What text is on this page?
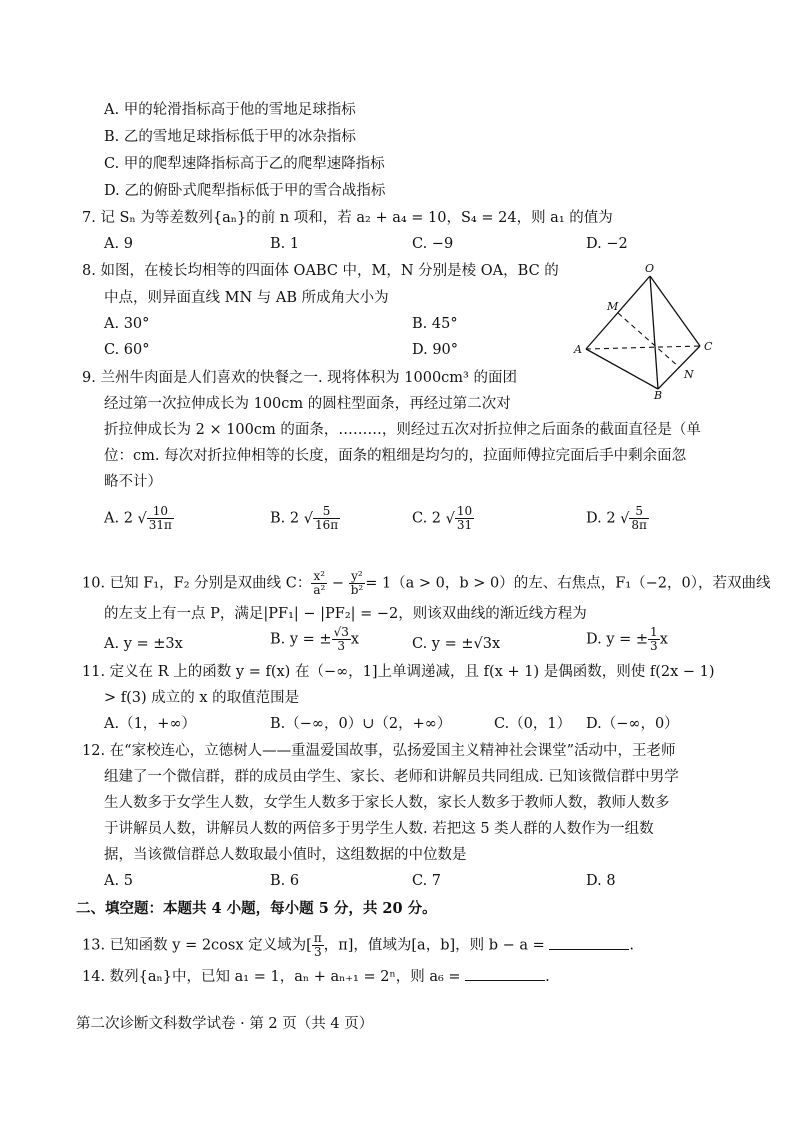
A. 甲的轮滑指标高于他的雪地足球指标
B. 乙的雪地足球指标低于甲的冰杂指标
C. 甲的爬犁速降指标高于乙的爬犁速降指标
D. 乙的俯卧式爬犁指标低于甲的雪合战指标
7. 记 Sₙ 为等差数列{aₙ}的前 n 项和，若 a₂ + a₄ = 10，S₄ = 24，则 a₁ 的值为
A. 9	B. 1	C. −9	D. −2
8. 如图，在棱长均相等的四面体 OABC 中，M，N 分别是棱 OA，BC 的
中点，则异面直线 MN 与 AB 所成角大小为
A. 30°	B. 45°
C. 60°	D. 90°
O
M
A	C
N
B
9. 兰州牛肉面是人们喜欢的快餐之一. 现将体积为 1000cm³ 的面团
经过第一次拉伸成长为 100cm 的圆柱型面条，再经过第二次对
折拉伸成长为 2 × 100cm 的面条，………，则经过五次对折拉伸之后面条的截面直径是（单
位：cm. 每次对折拉伸相等的长度，面条的粗细是均匀的，拉面师傅拉完面后手中剩余面忽
略不计）
A. 2 √ $\frac{10}{31\pi}$	B. 2 √ $\frac{5}{16\pi}$	C. 2 √ $\frac{10}{31}$	D. 2 √ $\frac{5}{8\pi}$
10. 已知 F₁，F₂ 分别是双曲线 C： $\frac{\text{x²}}{\text{a²}} - \frac{\text{y²}}{\text{b²}} = 1(a > 0$，b > 0）的左、右焦点，F₁（−2，0），若双曲线
的左支上有一点 P，满足|PF₁| − |PF₂| = −2，则该双曲线的渐近线方程为
A. y = ±3x	B. y = ± $\frac{√3}{3}$ x	C. y = ±√3x	D. y = ± $\frac{1}{3}$ x
11. 定义在 R 上的函数 y = f(x) 在（−∞，1]上单调递减，且 f(x + 1) 是偶函数，则使 f(2x − 1)
> f(3) 成立的 x 的取值范围是
A.（1，+∞）	B.（−∞，0）∪（2，+∞）	C.（0，1） D.（−∞，0）
12. 在“家校连心，立德树人——重温爱国故事，弘扬爱国主义精神社会课堂”活动中，王老师
组建了一个微信群，群的成员由学生、家长、老师和讲解员共同组成. 已知该微信群中男学
生人数多于女学生人数，女学生人数多于家长人数，家长人数多于教师人数，教师人数多
于讲解员人数，讲解员人数的两倍多于男学生人数. 若把这 5 类人群的人数作为一组数
据，当该微信群总人数取最小值时，这组数据的中位数是
A. 5	B. 6	C. 7	D. 8
二、填空题：本题共 4 小题，每小题 5 分，共 20 分。
13. 已知函数 y = 2cosx 定义域为[ $\frac{\pi}{3}$ ，π]，值域为[a，b]，则 b − a =	.
14. 数列{aₙ}中，已知 a₁ = 1，aₙ + aₙ₊₁ = 2ⁿ，则 a₆ =	.
第二次诊断文科数学试卷 · 第 2 页（共 4 页）
